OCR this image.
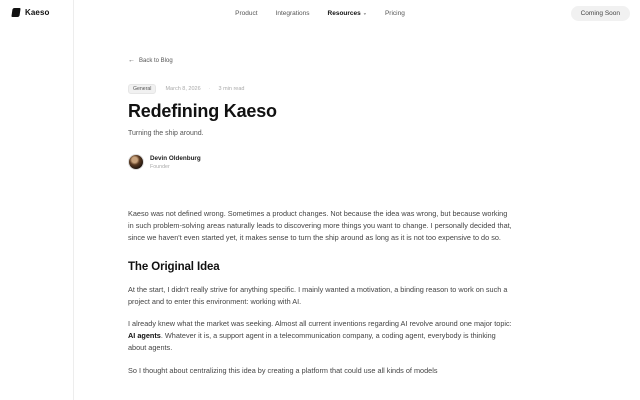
Kaeso	Product	Integrations	Resources ⌄	Pricing	Coming Soon
← Back to Blog
General	March 8, 2026 · 3 min read
Redefining Kaeso

Turning the ship around.

Devin Oldenburg
Founder

Kaeso was not defined wrong. Sometimes a product changes. Not because the idea was wrong, but because working in such problem-solving areas naturally leads to discovering more things you want to change. I personally decided that, since we haven't even started yet, it makes sense to turn the ship around as long as it is not too expensive to do so.

The Original Idea

At the start, I didn't really strive for anything specific. I mainly wanted a motivation, a binding reason to work on such a project and to enter this environment: working with AI.

I already knew what the market was seeking. Almost all current inventions regarding AI revolve around one major topic: AI agents. Whatever it is, a support agent in a telecommunication company, a coding agent, everybody is thinking about agents.

So I thought about centralizing this idea by creating a platform that could use all kinds of models
